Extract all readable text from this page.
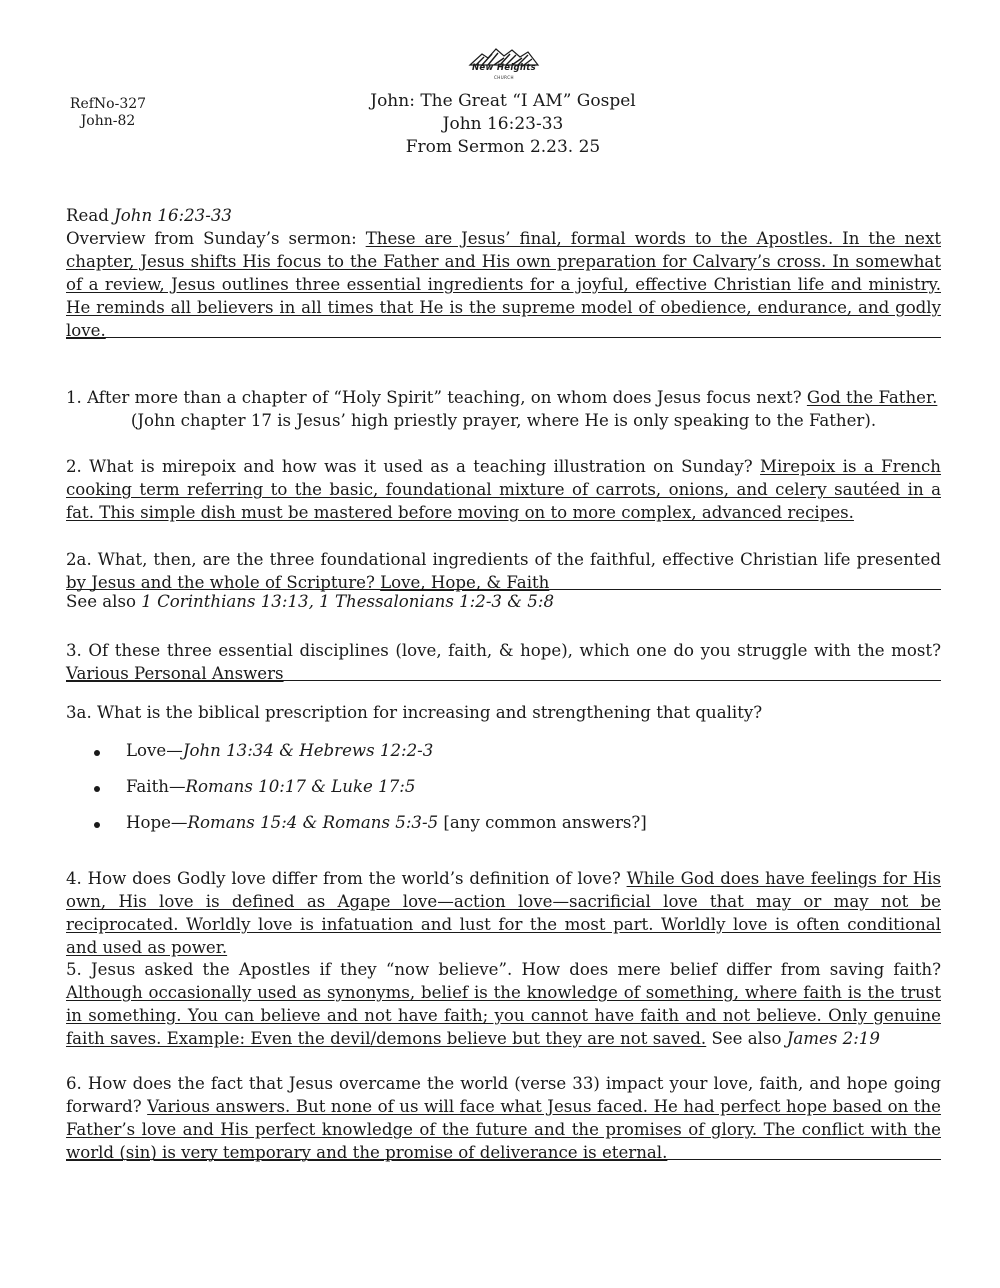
New Heights
CHURCH
RefNo-327
John-82
John: The Great “I AM” Gospel
John 16:23-33
From Sermon 2.23. 25
Read John 16:23-33
Overview from Sunday’s sermon: These are Jesus’ final, formal words to the Apostles. In the next chapter, Jesus shifts His focus to the Father and His own preparation for Calvary’s cross. In somewhat of a review, Jesus outlines three essential ingredients for a joyful, effective Christian life and ministry. He reminds all believers in all times that He is the supreme model of obedience, endurance, and godly love.
1. After more than a chapter of “Holy Spirit” teaching, on whom does Jesus focus next? God the Father.
(John chapter 17 is Jesus’ high priestly prayer, where He is only speaking to the Father).
2. What is mirepoix and how was it used as a teaching illustration on Sunday? Mirepoix is a French cooking term referring to the basic, foundational mixture of carrots, onions, and celery sautéed in a fat. This simple dish must be mastered before moving on to more complex, advanced recipes.
2a. What, then, are the three foundational ingredients of the faithful, effective Christian life presented by Jesus and the whole of Scripture? Love, Hope, & Faith
See also 1 Corinthians 13:13, 1 Thessalonians 1:2-3 & 5:8
3. Of these three essential disciplines (love, faith, & hope), which one do you struggle with the most? Various Personal Answers
3a. What is the biblical prescription for increasing and strengthening that quality?
Love—John 13:34 & Hebrews 12:2-3
Faith—Romans 10:17 & Luke 17:5
Hope—Romans 15:4 & Romans 5:3-5 [any common answers?]
4. How does Godly love differ from the world’s definition of love? While God does have feelings for His own, His love is defined as Agape love—action love—sacrificial love that may or may not be reciprocated. Worldly love is infatuation and lust for the most part. Worldly love is often conditional and used as power.
5. Jesus asked the Apostles if they “now believe”. How does mere belief differ from saving faith? Although occasionally used as synonyms, belief is the knowledge of something, where faith is the trust in something. You can believe and not have faith; you cannot have faith and not believe. Only genuine faith saves. Example: Even the devil/demons believe but they are not saved. See also James 2:19
6. How does the fact that Jesus overcame the world (verse 33) impact your love, faith, and hope going forward? Various answers. But none of us will face what Jesus faced. He had perfect hope based on the Father’s love and His perfect knowledge of the future and the promises of glory. The conflict with the world (sin) is very temporary and the promise of deliverance is eternal.
